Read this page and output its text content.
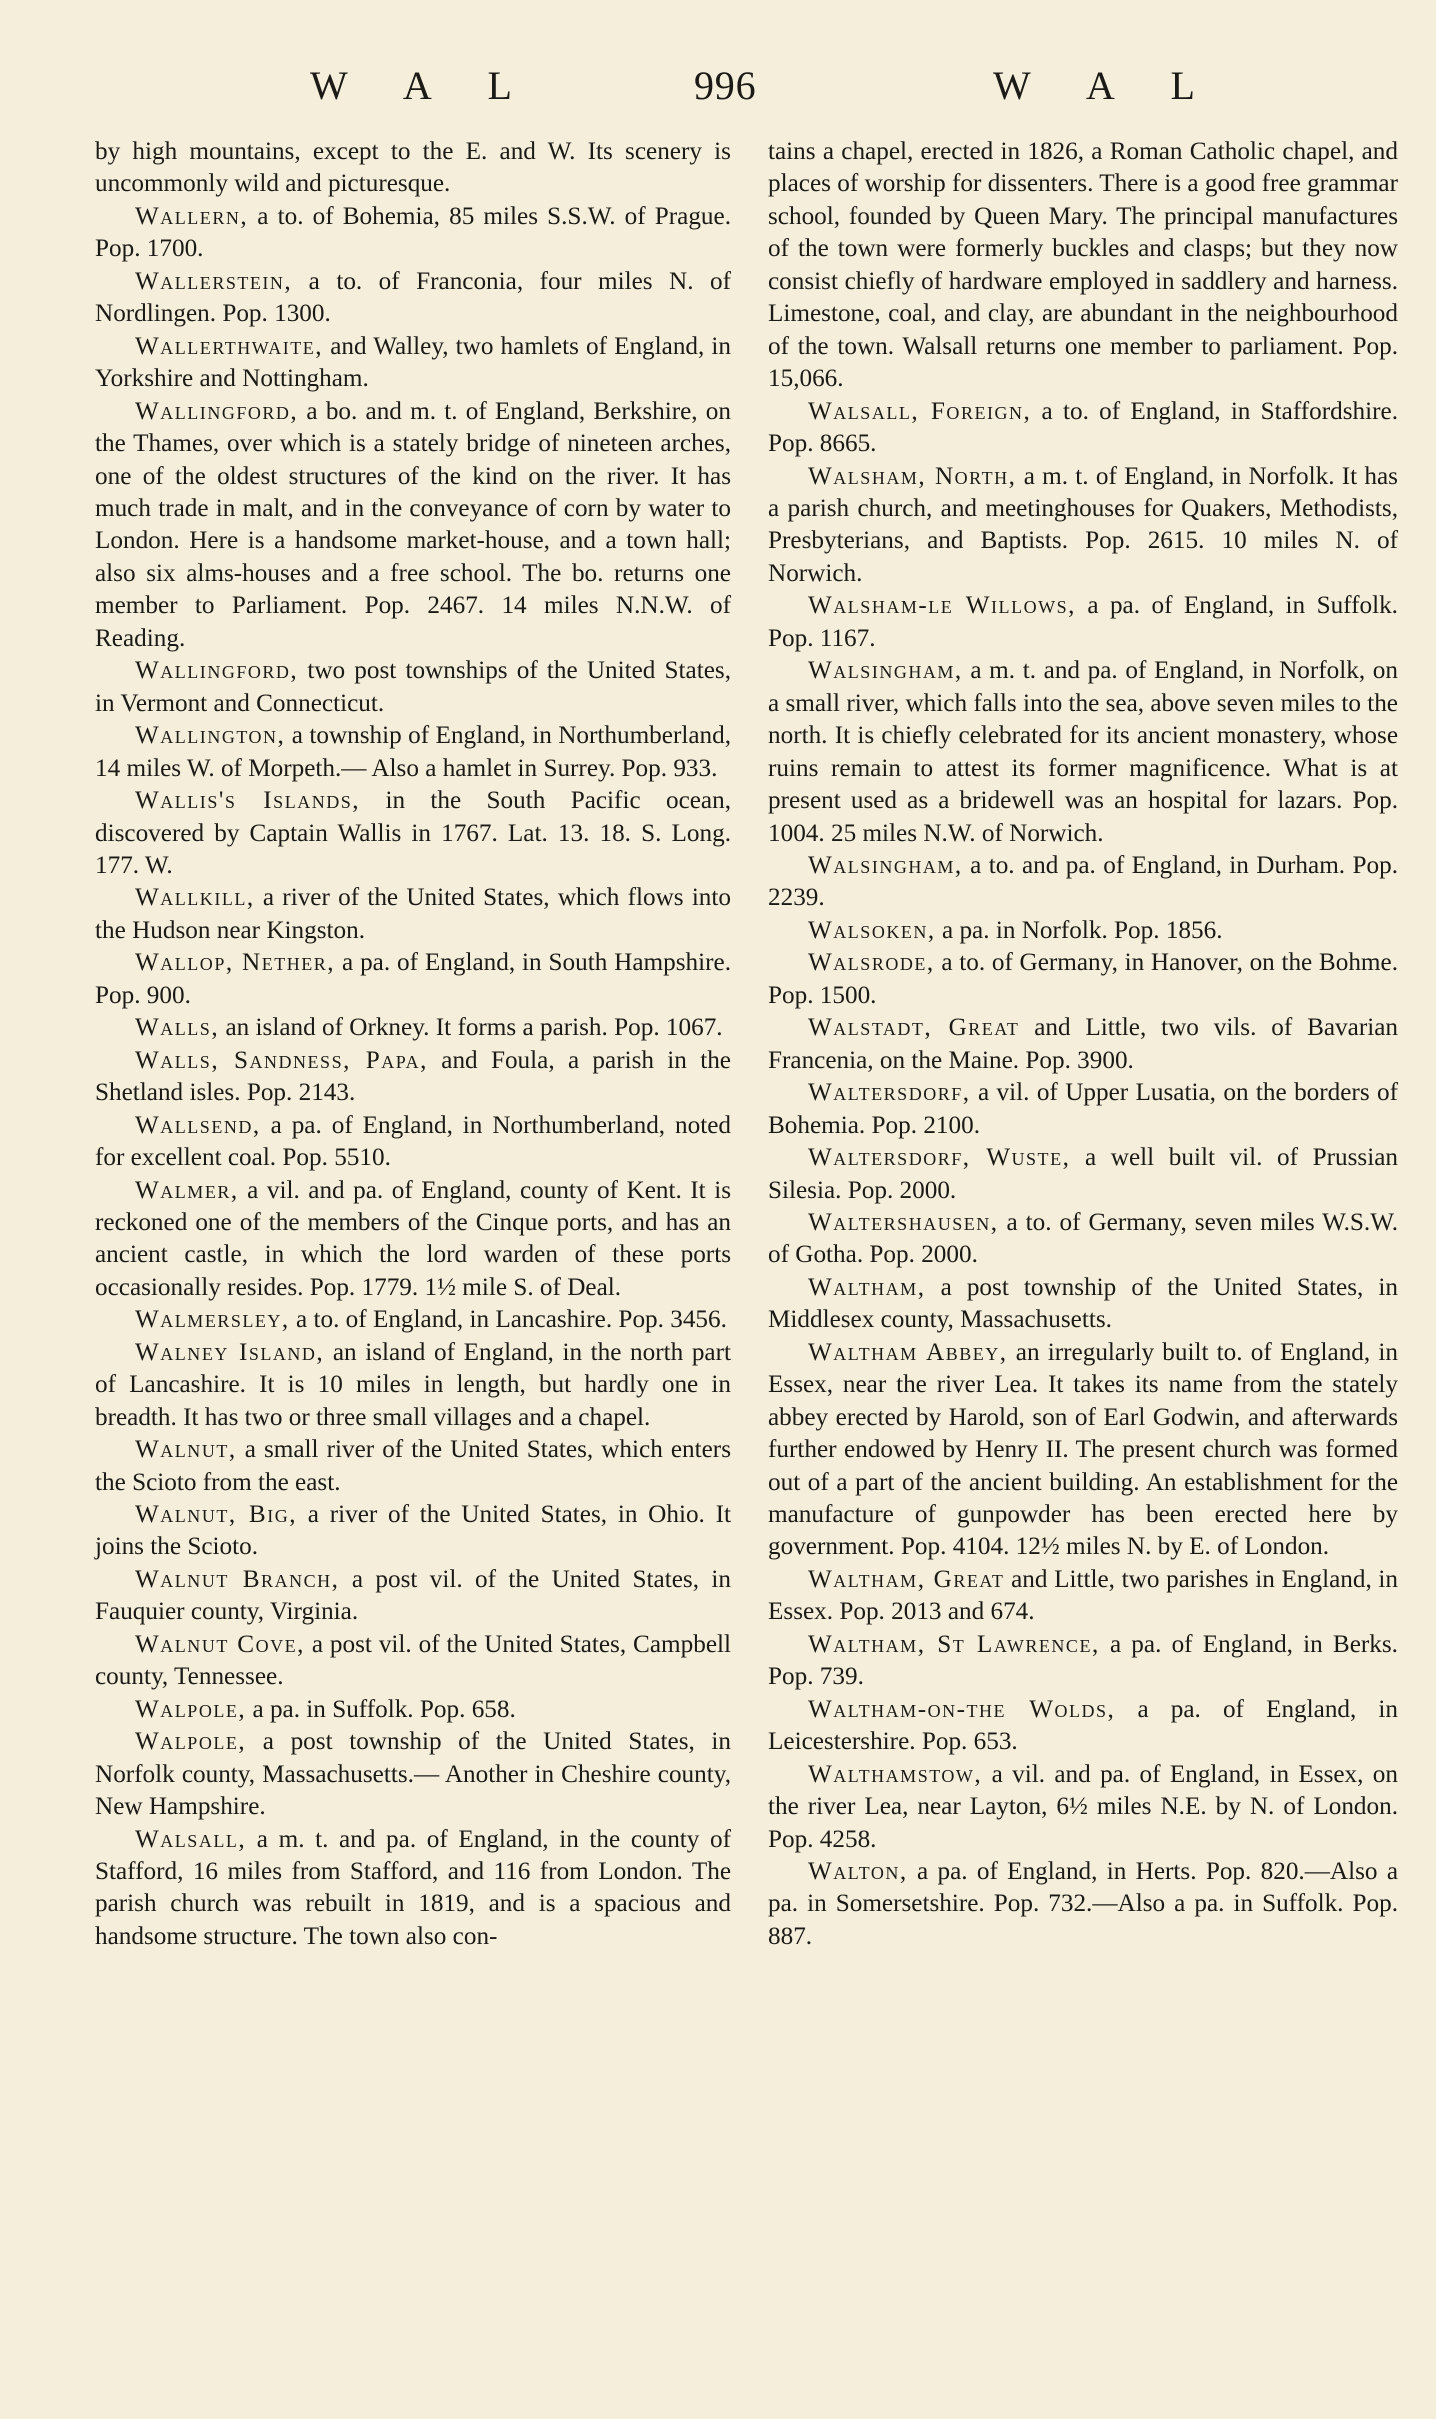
W A L	996	W A L

by high mountains, except to the E. and W. Its scenery is uncommonly wild and picturesque.

Wallern, a to. of Bohemia, 85 miles S.S.W. of Prague. Pop. 1700.

Wallerstein, a to. of Franconia, four miles N. of Nordlingen. Pop. 1300.

Wallerthwaite, and Walley, two hamlets of England, in Yorkshire and Nottingham.

Wallingford, a bo. and m. t. of England, Berkshire, on the Thames, over which is a stately bridge of nineteen arches, one of the oldest structures of the kind on the river. It has much trade in malt, and in the conveyance of corn by water to London. Here is a handsome market-house, and a town hall; also six alms-houses and a free school. The bo. returns one member to Parliament. Pop. 2467. 14 miles N.N.W. of Reading.

Wallingford, two post townships of the United States, in Vermont and Connecticut.

Wallington, a township of England, in Northumberland, 14 miles W. of Morpeth.— Also a hamlet in Surrey. Pop. 933.

Wallis's Islands, in the South Pacific ocean, discovered by Captain Wallis in 1767. Lat. 13. 18. S. Long. 177. W.

Wallkill, a river of the United States, which flows into the Hudson near Kingston.

Wallop, Nether, a pa. of England, in South Hampshire. Pop. 900.

Walls, an island of Orkney. It forms a parish. Pop. 1067.

Walls, Sandness, Papa, and Foula, a parish in the Shetland isles. Pop. 2143.

Wallsend, a pa. of England, in Northumberland, noted for excellent coal. Pop. 5510.

Walmer, a vil. and pa. of England, county of Kent. It is reckoned one of the members of the Cinque ports, and has an ancient castle, in which the lord warden of these ports occasionally resides. Pop. 1779. 1½ mile S. of Deal.

Walmersley, a to. of England, in Lancashire. Pop. 3456.

Walney Island, an island of England, in the north part of Lancashire. It is 10 miles in length, but hardly one in breadth. It has two or three small villages and a chapel.

Walnut, a small river of the United States, which enters the Scioto from the east.

Walnut, Big, a river of the United States, in Ohio. It joins the Scioto.

Walnut Branch, a post vil. of the United States, in Fauquier county, Virginia.

Walnut Cove, a post vil. of the United States, Campbell county, Tennessee.

Walpole, a pa. in Suffolk. Pop. 658.

Walpole, a post township of the United States, in Norfolk county, Massachusetts.— Another in Cheshire county, New Hampshire.

Walsall, a m. t. and pa. of England, in the county of Stafford, 16 miles from Stafford, and 116 from London. The parish church was rebuilt in 1819, and is a spacious and handsome structure. The town also con-

tains a chapel, erected in 1826, a Roman Catholic chapel, and places of worship for dissenters. There is a good free grammar school, founded by Queen Mary. The principal manufactures of the town were formerly buckles and clasps; but they now consist chiefly of hardware employed in saddlery and harness. Limestone, coal, and clay, are abundant in the neighbourhood of the town. Walsall returns one member to parliament. Pop. 15,066.

Walsall, Foreign, a to. of England, in Staffordshire. Pop. 8665.

Walsham, North, a m. t. of England, in Norfolk. It has a parish church, and meetinghouses for Quakers, Methodists, Presbyterians, and Baptists. Pop. 2615. 10 miles N. of Norwich.

Walsham-le Willows, a pa. of England, in Suffolk. Pop. 1167.

Walsingham, a m. t. and pa. of England, in Norfolk, on a small river, which falls into the sea, above seven miles to the north. It is chiefly celebrated for its ancient monastery, whose ruins remain to attest its former magnificence. What is at present used as a bridewell was an hospital for lazars. Pop. 1004. 25 miles N.W. of Norwich.

Walsingham, a to. and pa. of England, in Durham. Pop. 2239.

Walsoken, a pa. in Norfolk. Pop. 1856.

Walsrode, a to. of Germany, in Hanover, on the Bohme. Pop. 1500.

Walstadt, Great and Little, two vils. of Bavarian Francenia, on the Maine. Pop. 3900.

Waltersdorf, a vil. of Upper Lusatia, on the borders of Bohemia. Pop. 2100.

Waltersdorf, Wuste, a well built vil. of Prussian Silesia. Pop. 2000.

Waltershausen, a to. of Germany, seven miles W.S.W. of Gotha. Pop. 2000.

Waltham, a post township of the United States, in Middlesex county, Massachusetts.

Waltham Abbey, an irregularly built to. of England, in Essex, near the river Lea. It takes its name from the stately abbey erected by Harold, son of Earl Godwin, and afterwards further endowed by Henry II. The present church was formed out of a part of the ancient building. An establishment for the manufacture of gunpowder has been erected here by government. Pop. 4104. 12½ miles N. by E. of London.

Waltham, Great and Little, two parishes in England, in Essex. Pop. 2013 and 674.

Waltham, St Lawrence, a pa. of England, in Berks. Pop. 739.

Waltham-on-the Wolds, a pa. of England, in Leicestershire. Pop. 653.

Walthamstow, a vil. and pa. of England, in Essex, on the river Lea, near Layton, 6½ miles N.E. by N. of London. Pop. 4258.

Walton, a pa. of England, in Herts. Pop. 820.—Also a pa. in Somersetshire. Pop. 732.—Also a pa. in Suffolk. Pop. 887.
